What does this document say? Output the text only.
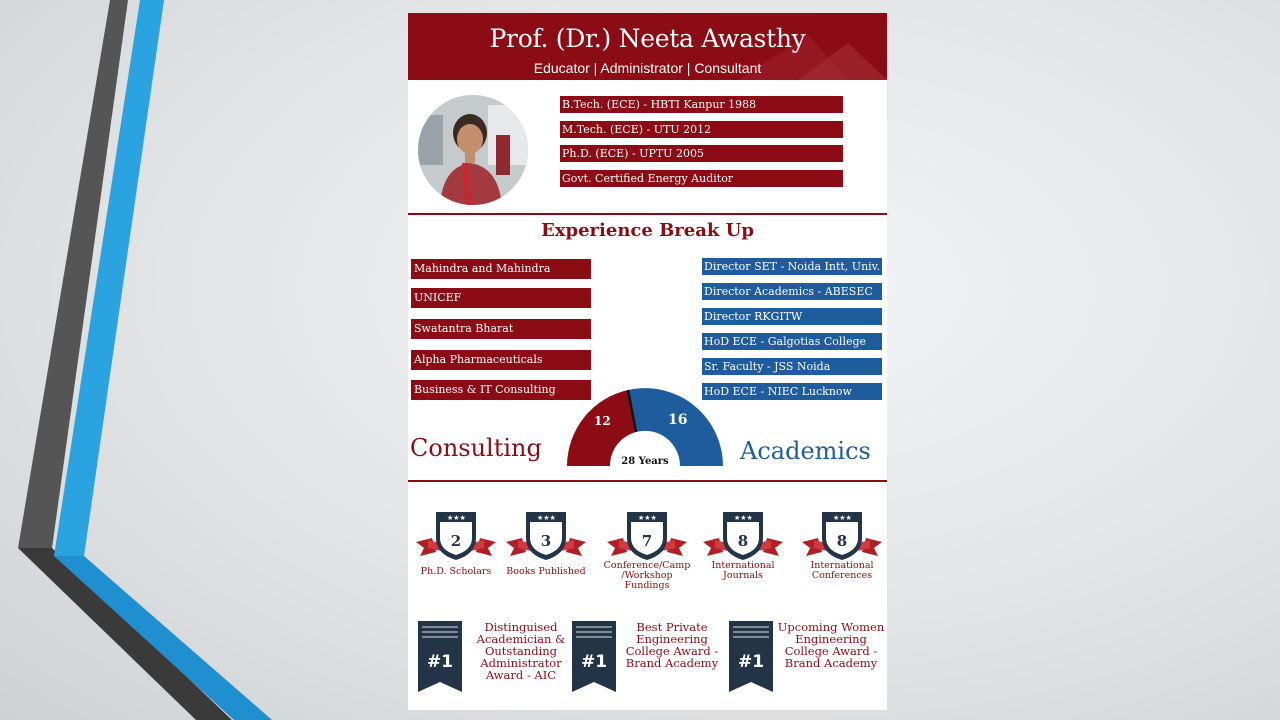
Prof. (Dr.) Neeta Awasthy
Educator | Administrator | Consultant
B.Tech. (ECE) - HBTI Kanpur 1988
M.Tech. (ECE) - UTU 2012
Ph.D. (ECE) - UPTU 2005
Govt. Certified Energy Auditor
Experience Break Up
Mahindra and Mahindra
UNICEF
Swatantra Bharat
Alpha Pharmaceuticals
Business & IT Consulting
Director SET - Noida Intt, Univ.
Director Academics - ABESEC
Director RKGITW
HoD ECE - Galgotias College
Sr. Faculty - JSS Noida
HoD ECE - NIEC Lucknow
Consulting	Academics
12	16
28 Years
★★★
2
Ph.D. Scholars
★★★
3
Books Published
★★★
7
Conference/Camp /Workshop Fundings
★★★
8
International Journals
★★★
8
International Conferences
#1
Distinguised Academician & Outstanding Administrator Award - AIC
#1
Best Private Engineering College Award - Brand Academy	#1
Upcoming Women Engineering College Award - Brand Academy
